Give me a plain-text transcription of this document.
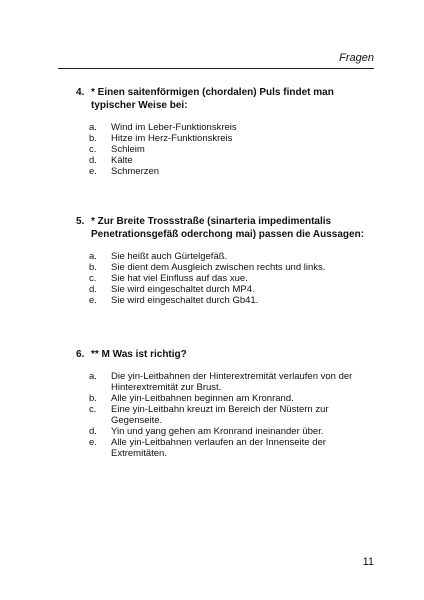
Fragen
4. * Einen saitenförmigen (chordalen) Puls findet man typischer Weise bei:
a. Wind im Leber-Funktionskreis
b. Hitze im Herz-Funktionskreis
c. Schleim
d. Kälte
e. Schmerzen
5. * Zur Breite Trossstraße (sinarteria impedimentalis Penetrationsgefäß oderchong mai) passen die Aussagen:
a. Sie heißt auch Gürtelgefäß.
b. Sie dient dem Ausgleich zwischen rechts und links.
c. Sie hat viel Einfluss auf das xue.
d. Sie wird eingeschaltet durch MP4.
e. Sie wird eingeschaltet durch Gb41.
6. ** M Was ist richtig?
a. Die yin-Leitbahnen der Hinterextremität verlaufen von der Hinterextremität zur Brust.
b. Alle yin-Leitbahnen beginnen am Kronrand.
c. Eine yin-Leitbahn kreuzt im Bereich der Nüstern zur Gegenseite.
d. Yin und yang gehen am Kronrand ineinander über.
e. Alle yin-Leitbahnen verlaufen an der Innenseite der Extremitäten.
11
